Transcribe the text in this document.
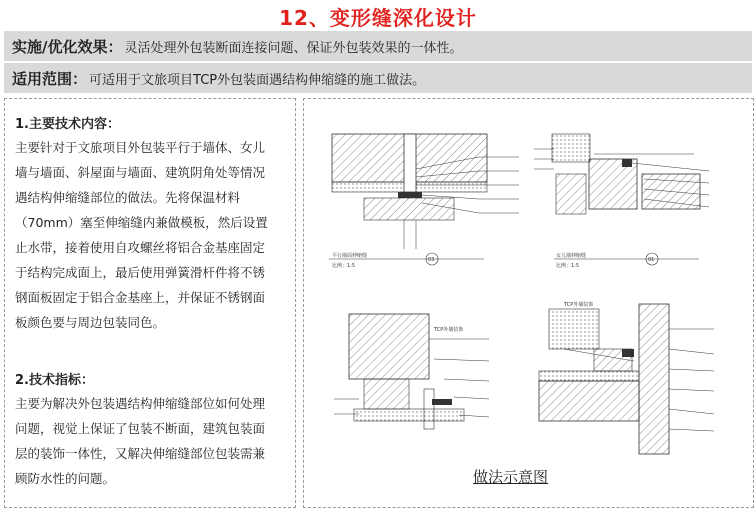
12、变形缝深化设计
实施/优化效果： 灵活处理外包装断面连接问题、保证外包装效果的一体性。
适用范围： 可适用于文旅项目TCP外包装面遇结构伸缩缝的施工做法。
1.主要技术内容：
主要针对于文旅项目外包装平行于墙体、女儿
墙与墙面、斜屋面与墙面、建筑阴角处等情况
遇结构伸缩缝部位的做法。先将保温材料
（70mm）塞至伸缩缝内兼做模板，然后设置
止水带，接着使用自攻螺丝将铝合金基座固定
于结构完成面上，最后使用弹簧滑杆件将不锈
钢面板固定于铝合金基座上，并保证不锈钢面
板颜色要与周边包装同色。
2.技术指标：
主要为解决外包装遇结构伸缩缝部位如何处理
问题，视觉上保证了包装不断面，建筑包装面
层的装饰一体性，又解决伸缩缝部位包装需兼
顾防水性的问题。
平行墙面伸缩缝
比例：1:5
03
女儿墙伸缩缝
比例：1:5
01
TCP外墙装饰
TCP外墙装饰
做法示意图
